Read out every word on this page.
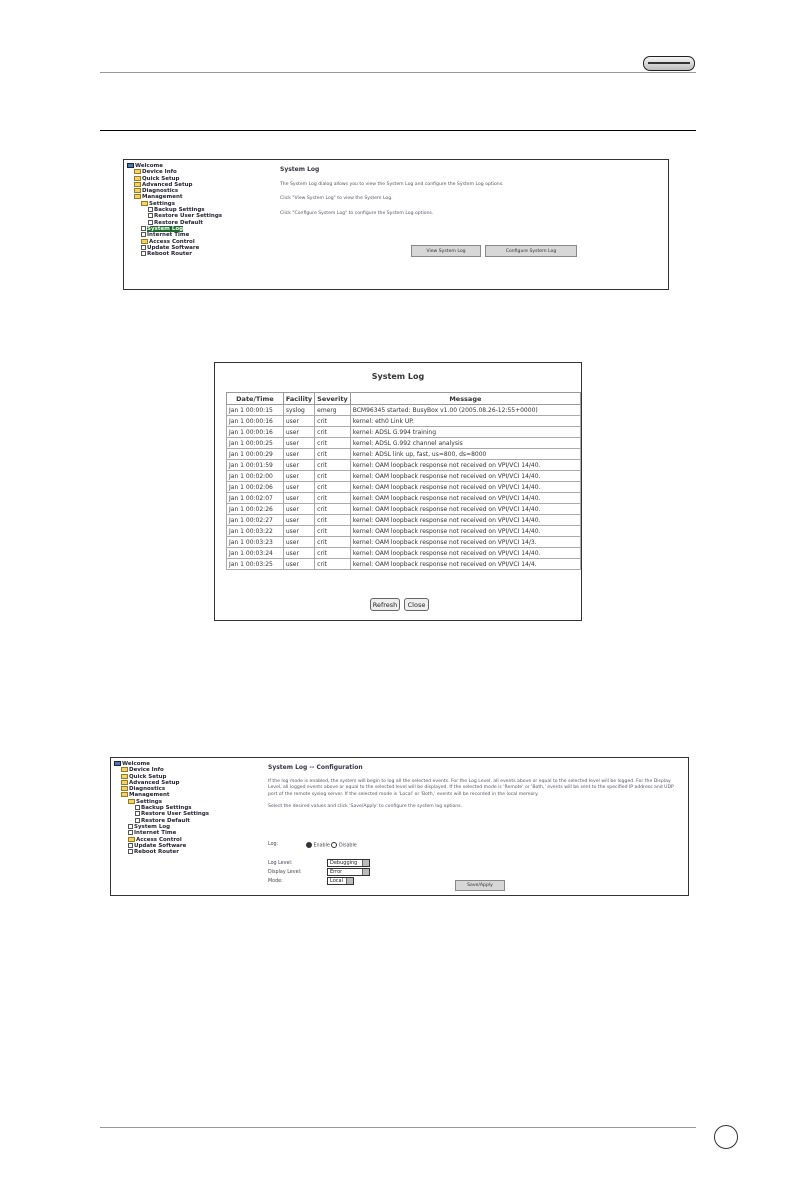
Welcome
Device Info
Quick Setup
Advanced Setup
Diagnostics
Management
Settings
Backup Settings
Restore User Settings
Restore Default
System Log
Internet Time
Access Control
Update Software
Reboot Router
System Log

The System Log dialog allows you to view the System Log and configure the System Log options.

Click "View System Log" to view the System Log.

Click "Configure System Log" to configure the System Log options.

View System Log	Configure System Log
System Log
Date/Time	Facility	Severity	Message
Jan 1 00:00:15	syslog	emerg	BCM96345 started: BusyBox v1.00 (2005.08.26-12:55+0000)
Jan 1 00:00:16	user	crit	kernel: eth0 Link UP.
Jan 1 00:00:16	user	crit	kernel: ADSL G.994 training
Jan 1 00:00:25	user	crit	kernel: ADSL G.992 channel analysis
Jan 1 00:00:29	user	crit	kernel: ADSL link up, fast, us=800, ds=8000
Jan 1 00:01:59	user	crit	kernel: OAM loopback response not received on VPI/VCI 14/40.
Jan 1 00:02:00	user	crit	kernel: OAM loopback response not received on VPI/VCI 14/40.
Jan 1 00:02:06	user	crit	kernel: OAM loopback response not received on VPI/VCI 14/40.
Jan 1 00:02:07	user	crit	kernel: OAM loopback response not received on VPI/VCI 14/40.
Jan 1 00:02:26	user	crit	kernel: OAM loopback response not received on VPI/VCI 14/40.
Jan 1 00:02:27	user	crit	kernel: OAM loopback response not received on VPI/VCI 14/40.
Jan 1 00:03:22	user	crit	kernel: OAM loopback response not received on VPI/VCI 14/40.
Jan 1 00:03:23	user	crit	kernel: OAM loopback response not received on VPI/VCI 14/3.
Jan 1 00:03:24	user	crit	kernel: OAM loopback response not received on VPI/VCI 14/40.
Jan 1 00:03:25	user	crit	kernel: OAM loopback response not received on VPI/VCI 14/4.
Refresh	Close
Welcome
Device Info
Quick Setup
Advanced Setup
Diagnostics
Management
Settings
Backup Settings
Restore User Settings
Restore Default
System Log
Internet Time
Access Control
Update Software
Reboot Router
System Log -- Configuration

If the log mode is enabled, the system will begin to log all the selected events. For the Log Level, all events above or equal to the selected level will be logged. For the Display Level, all logged events above or equal to the selected level will be displayed. If the selected mode is 'Remote' or 'Both,' events will be sent to the specified IP address and UDP port of the remote syslog server. If the selected mode is 'Local' or 'Both,' events will be recorded in the local memory.

Select the desired values and click 'Save/Apply' to configure the system log options.

Log:	Enable Disable
Log Level:	Debugging
Display Level:	Error
Mode:	Local
Save/Apply
